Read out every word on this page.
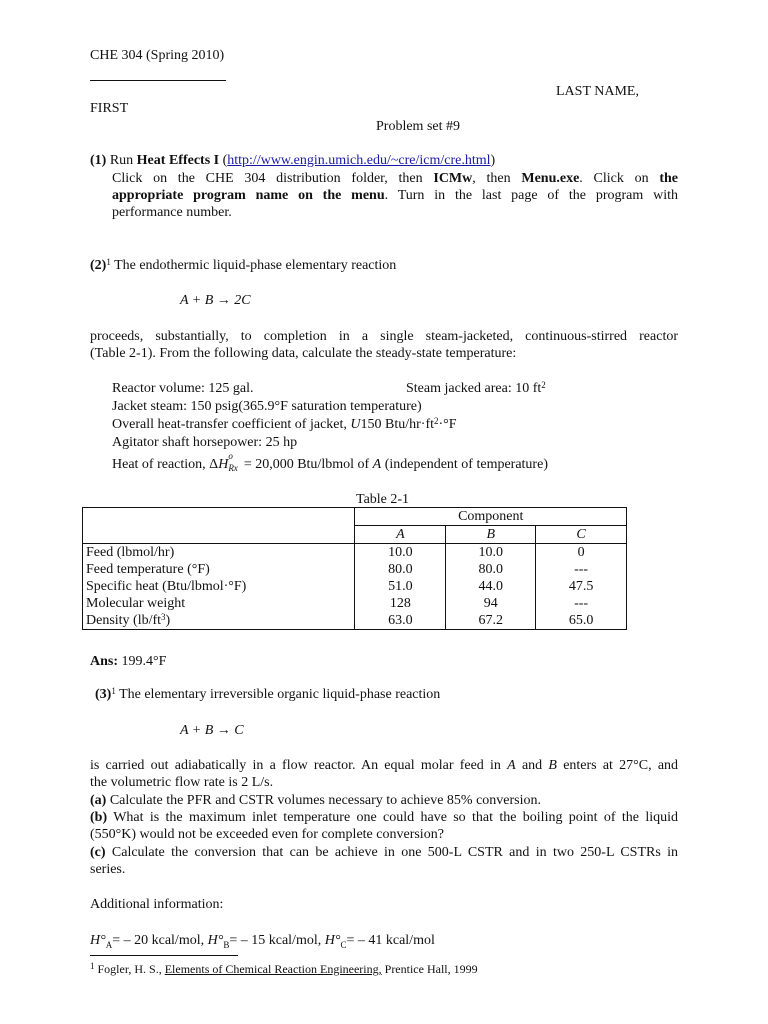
CHE 304 (Spring 2010)
LAST NAME,
FIRST
Problem set #9
(1) Run Heat Effects I (http://www.engin.umich.edu/~cre/icm/cre.html)
Click on the CHE 304 distribution folder, then ICMw, then Menu.exe. Click on the
appropriate program name on the menu. Turn in the last page of the program with
performance number.
$(2)^1$ The endothermic liquid-phase elementary reaction
A + B → 2C
proceeds, substantially, to completion in a single steam-jacketed, continuous-stirred reactor
(Table 2-1). From the following data, calculate the steady-state temperature:
Reactor volume: 125 gal.	Steam jacked area: 10 $ft^2$
Jacket steam: 150 psig(365.9°F saturation temperature)
Overall heat-transfer coefficient of jacket, U150 Btu/$hr\cdot ft^2\cdot^\circ F$
Agitator shaft horsepower: 25 hp
Heat of reaction, ΔH
o
Rx = 20,000 Btu/lbmol of A (independent of temperature)
Table 2-1
	Component		
	A	B	C
Feed (lbmol/hr)	10.0	10.0	0
Feed temperature (°F)	80.0	80.0	---
Specific heat (Btu/lbmol·°F)	51.0	44.0	47.5
Molecular weight	128	94	---
Density $(lb/ft^3)$	63.0	67.2	65.0
Ans: 199.4°F
$(3)^1$ The elementary irreversible organic liquid-phase reaction
A + B → C
is carried out adiabatically in a flow reactor. An equal molar feed in A and B enters at 27°C, and
the volumetric flow rate is 2 L/s.
(a) Calculate the PFR and CSTR volumes necessary to achieve 85% conversion.
(b) What is the maximum inlet temperature one could have so that the boiling point of the liquid
(550°K) would not be exceeded even for complete conversion?
(c) Calculate the conversion that can be achieve in one 500-L CSTR and in two 250-L CSTRs in
series.
Additional information:
$H^\circ_A= - 20$ kcal/mol, $H^\circ_B= - 15$ kcal/mol, $H^\circ_C= - 41$ kcal/mol
$^1$ Fogler, H. S., Elements of Chemical Reaction Engineering, Prentice Hall, 1999
